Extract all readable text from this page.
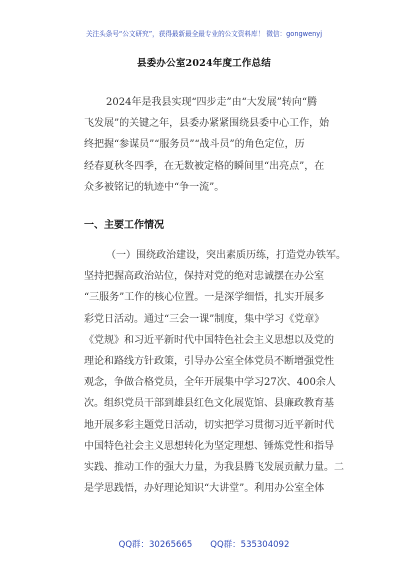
关注头条号“公文研究”，获得最新最全最专业的公文资料库！ 微信：gongwenyj
县委办公室2024年度工作总结
2024年是我县实现“四步走”由“大发展”转向“腾
飞发展”的关键之年，县委办紧紧围绕县委中心工作，始
终把握“参谋员”“服务员”“战斗员”的角色定位，历
经春夏秋冬四季，在无数被定格的瞬间里“出亮点”，在
众多被铭记的轨迹中“争一流”。
一、主要工作情况
（一）围绕政治建设，突出素质历练，打造党办铁军。
坚持把握高政治站位，保持对党的绝对忠诚摆在办公室
“三服务”工作的核心位置。一是深学细悟，扎实开展多
彩党日活动。通过“三会一课”制度，集中学习《党章》
《党规》和习近平新时代中国特色社会主义思想以及党的
理论和路线方针政策，引导办公室全体党员不断增强党性
观念，争做合格党员，全年开展集中学习27次、400余人
次。组织党员干部到雄县红色文化展览馆、县廉政教育基
地开展多彩主题党日活动，切实把学习贯彻习近平新时代
中国特色社会主义思想转化为坚定理想、锤炼党性和指导
实践、推动工作的强大力量，为我县腾飞发展贡献力量。二
是学思践悟，办好理论知识“大讲堂”。利用办公室全体
QQ群：30265665 QQ群：535304092
